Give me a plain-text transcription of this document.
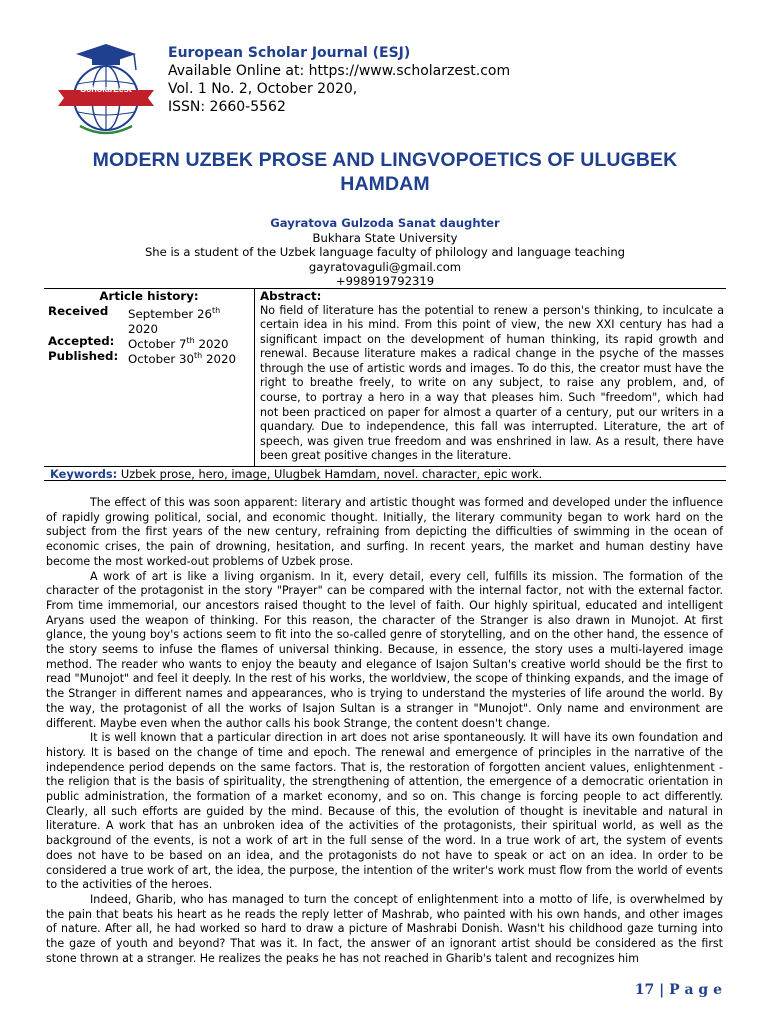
ScholarZest
European Scholar Journal (ESJ)
Available Online at: https://www.scholarzest.com
Vol. 1 No. 2, October 2020,
ISSN: 2660-5562
MODERN UZBEK PROSE AND LINGVOPOETICS OF ULUGBEK
HAMDAM
Gayratova Gulzoda Sanat daughter
Bukhara State University
She is a student of the Uzbek language faculty of philology and language teaching
gayratovaguli@gmail.com
+998919792319
Article history:
Received	September 26th
2020
Accepted:	October 7th 2020
Published: October 30th 2020
Abstract:
No field of literature has the potential to renew a person's thinking, to inculcate a certain idea in his mind. From this point of view, the new XXI century has had a significant impact on the development of human thinking, its rapid growth and renewal. Because literature makes a radical change in the psyche of the masses through the use of artistic words and images. To do this, the creator must have the right to breathe freely, to write on any subject, to raise any problem, and, of course, to portray a hero in a way that pleases him. Such "freedom", which had not been practiced on paper for almost a quarter of a century, put our writers in a quandary. Due to independence, this fall was interrupted. Literature, the art of speech, was given true freedom and was enshrined in law. As a result, there have been great positive changes in the literature.
Keywords: Uzbek prose, hero, image, Ulugbek Hamdam, novel. character, epic work.

The effect of this was soon apparent: literary and artistic thought was formed and developed under the influence of rapidly growing political, social, and economic thought. Initially, the literary community began to work hard on the subject from the first years of the new century, refraining from depicting the difficulties of swimming in the ocean of economic crises, the pain of drowning, hesitation, and surfing. In recent years, the market and human destiny have become the most worked-out problems of Uzbek prose.

A work of art is like a living organism. In it, every detail, every cell, fulfills its mission. The formation of the character of the protagonist in the story "Prayer" can be compared with the internal factor, not with the external factor. From time immemorial, our ancestors raised thought to the level of faith. Our highly spiritual, educated and intelligent Aryans used the weapon of thinking. For this reason, the character of the Stranger is also drawn in Munojot. At first glance, the young boy's actions seem to fit into the so-called genre of storytelling, and on the other hand, the essence of the story seems to infuse the flames of universal thinking. Because, in essence, the story uses a multi-layered image method. The reader who wants to enjoy the beauty and elegance of Isajon Sultan's creative world should be the first to read "Munojot" and feel it deeply. In the rest of his works, the worldview, the scope of thinking expands, and the image of the Stranger in different names and appearances, who is trying to understand the mysteries of life around the world. By the way, the protagonist of all the works of Isajon Sultan is a stranger in "Munojot". Only name and environment are different. Maybe even when the author calls his book Strange, the content doesn't change.

It is well known that a particular direction in art does not arise spontaneously. It will have its own foundation and history. It is based on the change of time and epoch. The renewal and emergence of principles in the narrative of the independence period depends on the same factors. That is, the restoration of forgotten ancient values, enlightenment - the religion that is the basis of spirituality, the strengthening of attention, the emergence of a democratic orientation in public administration, the formation of a market economy, and so on. This change is forcing people to act differently. Clearly, all such efforts are guided by the mind. Because of this, the evolution of thought is inevitable and natural in literature. A work that has an unbroken idea of the activities of the protagonists, their spiritual world, as well as the background of the events, is not a work of art in the full sense of the word. In a true work of art, the system of events does not have to be based on an idea, and the protagonists do not have to speak or act on an idea. In order to be considered a true work of art, the idea, the purpose, the intention of the writer's work must flow from the world of events to the activities of the heroes.

Indeed, Gharib, who has managed to turn the concept of enlightenment into a motto of life, is overwhelmed by the pain that beats his heart as he reads the reply letter of Mashrab, who painted with his own hands, and other images of nature. After all, he had worked so hard to draw a picture of Mashrabi Donish. Wasn't his childhood gaze turning into the gaze of youth and beyond? That was it. In fact, the answer of an ignorant artist should be considered as the first stone thrown at a stranger. He realizes the peaks he has not reached in Gharib's talent and recognizes him

17 | P a g e
